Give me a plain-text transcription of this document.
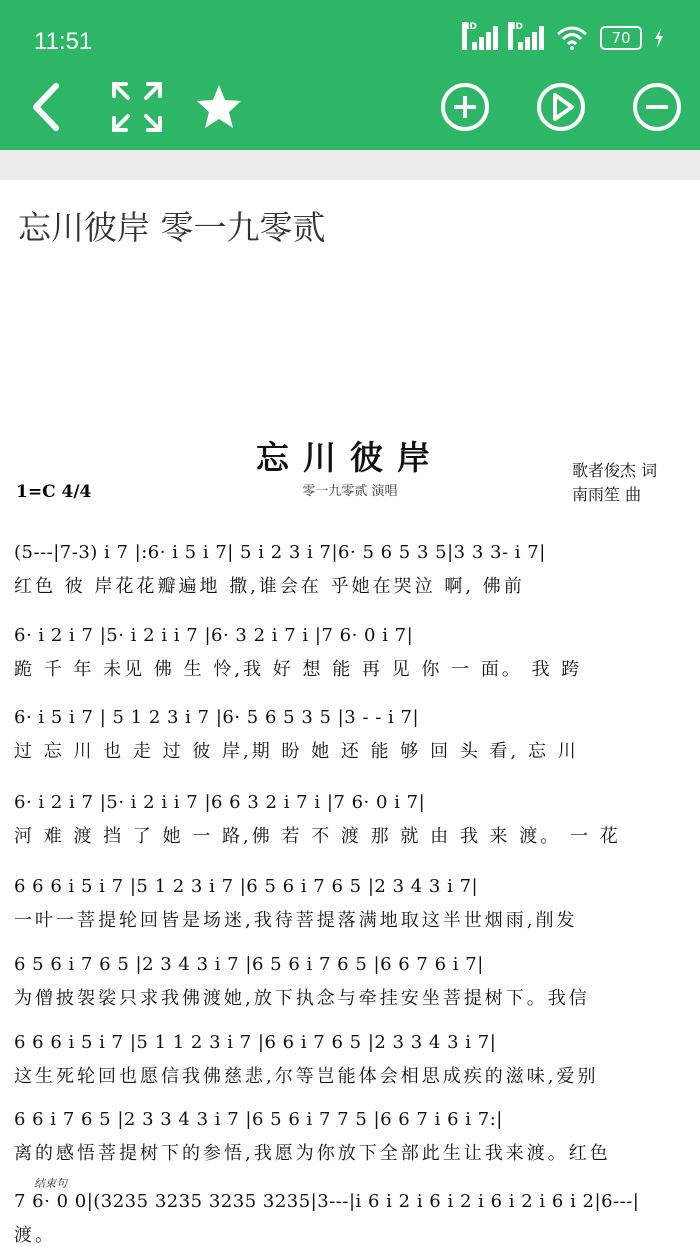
11:51
HD	HD
70
忘川彼岸 零一九零贰
忘川彼岸
零一九零贰 演唱
1=C 4/4
歌者俊杰 词
南雨笙 曲
(5---|7-3) i 7 |:6· i 5 i 7| 5 i 2 3 i 7|6· 5 6 5 3 5|3 3 3- i 7|
红色 彼 岸花花瓣遍地 撒,谁会在 乎她在哭泣 啊, 佛前
6· i 2 i 7 |5· i 2 i i 7 |6· 3 2 i 7 i |7 6· 0 i 7|
跪 千 年 未见 佛 生 怜,我 好 想 能 再 见 你 一 面。 我 跨
6· i 5 i 7 | 5 1 2 3 i 7 |6· 5 6 5 3 5 |3 - - i 7|
过 忘 川 也 走 过 彼 岸,期 盼 她 还 能 够 回 头 看, 忘 川
6· i 2 i 7 |5· i 2 i i 7 |6 6 3 2 i 7 i |7 6· 0 i 7|
河 难 渡 挡 了 她 一 路,佛 若 不 渡 那 就 由 我 来 渡。 一 花
6 6 6 i 5 i 7 |5 1 2 3 i 7 |6 5 6 i 7 6 5 |2 3 4 3 i 7|
一叶一菩提轮回皆是场迷,我待菩提落满地取这半世烟雨,削发
6 5 6 i 7 6 5 |2 3 4 3 i 7 |6 5 6 i 7 6 5 |6 6 7 6 i 7|
为僧披袈裟只求我佛渡她,放下执念与牵挂安坐菩提树下。我信
6 6 6 i 5 i 7 |5 1 1 2 3 i 7 |6 6 i 7 6 5 |2 3 3 4 3 i 7|
这生死轮回也愿信我佛慈悲,尔等岂能体会相思成疾的滋味,爱别
6 6 i 7 6 5 |2 3 3 4 3 i 7 |6 5 6 i 7 7 5 |6 6 7 i 6 i 7:|
离的感悟菩提树下的参悟,我愿为你放下全部此生让我来渡。红色
7 6· 0 0|(3235 3235 3235 3235|3---|i 6 i 2 i 6 i 2 i 6 i 2 i 6 i 2|6---|
渡。
结束句
